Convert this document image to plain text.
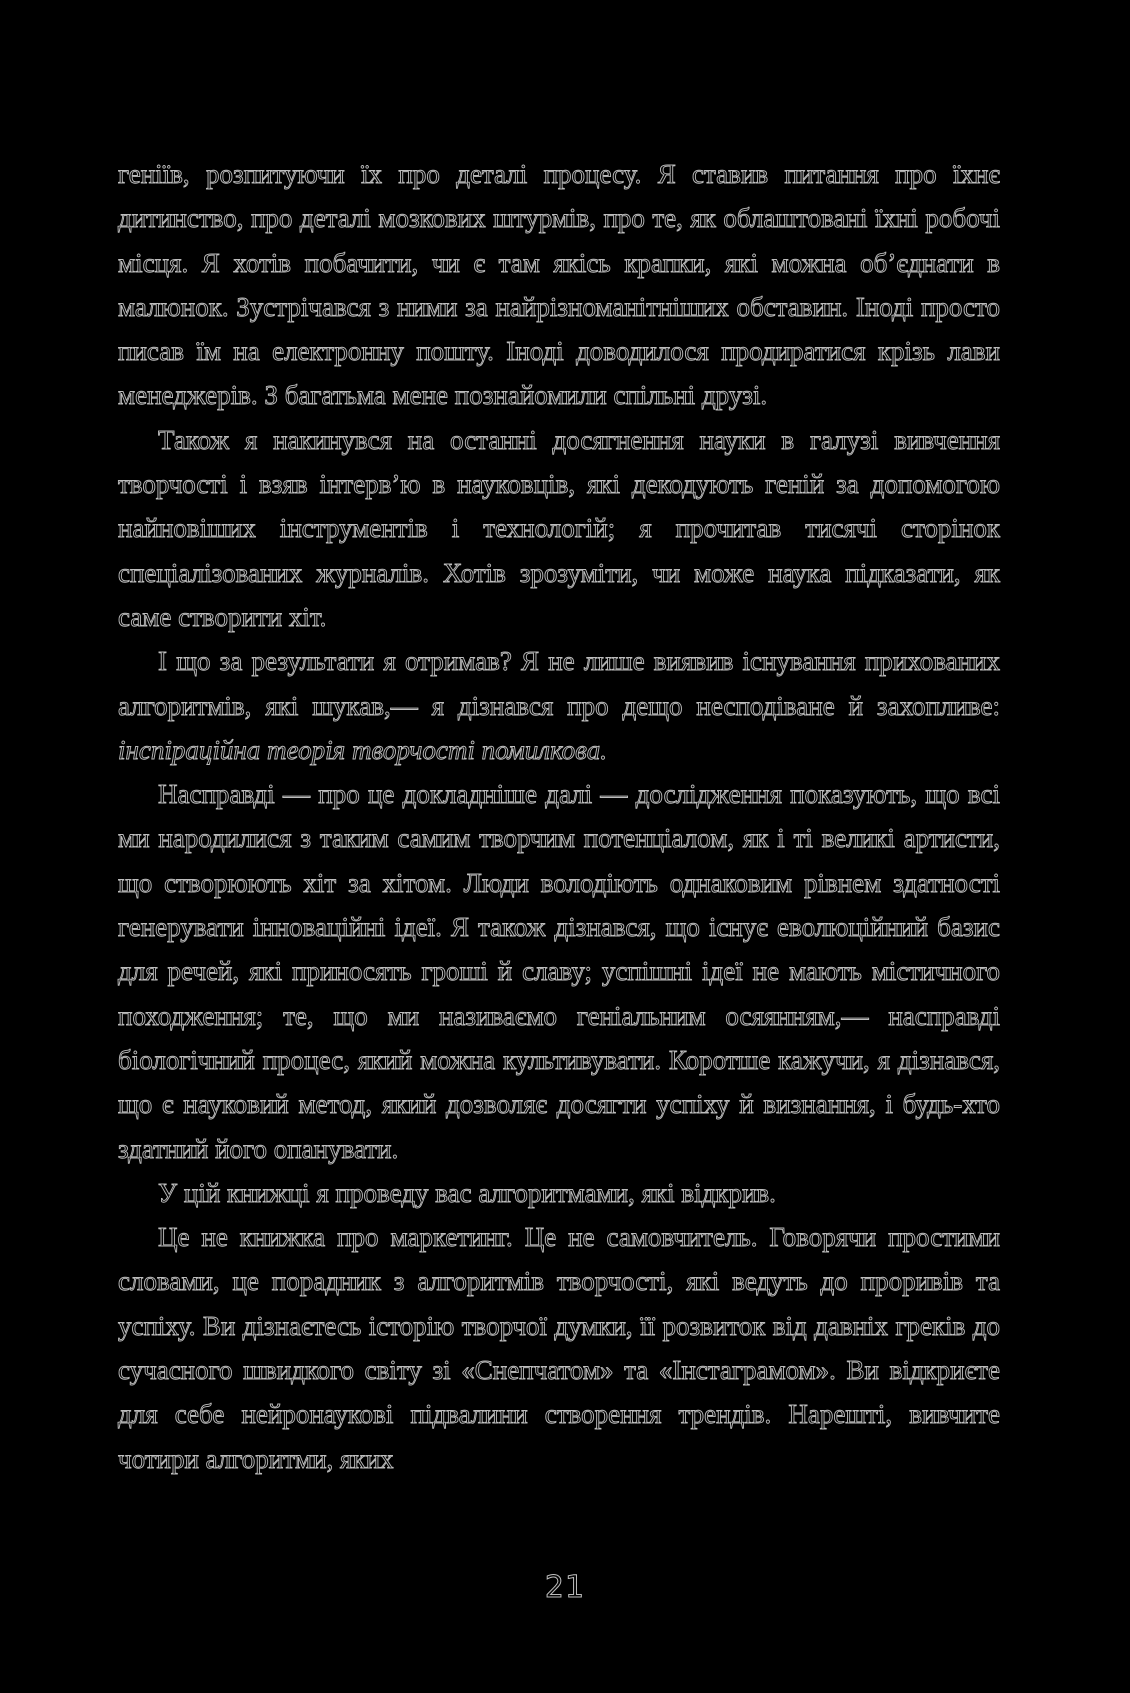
геніїв, розпитуючи їх про деталі процесу. Я ставив питання про їхнє дитинство, про деталі мозкових штурмів, про те, як облаштовані їхні робочі місця. Я хотів побачити, чи є там якісь крапки, які можна об’єднати в малюнок. Зустрічався з ними за найрізноманітніших обставин. Іноді просто писав їм на електронну пошту. Іноді доводилося продиратися крізь лави менеджерів. З багатьма мене познайомили спільні друзі.

Також я накинувся на останні досягнення науки в галузі вивчення творчості і взяв інтерв’ю в науковців, які декодують геній за допомогою найновіших інструментів і технологій; я прочитав тисячі сторінок спеціалізованих журналів. Хотів зрозуміти, чи може наука підказати, як саме створити хіт.

І що за результати я отримав? Я не лише виявив існування прихованих алгоритмів, які шукав,— я дізнався про дещо несподіване й захопливе: інспіраційна теорія творчості помилкова.

Насправді — про це докладніше далі — дослідження показують, що всі ми народилися з таким самим творчим потенціалом, як і ті великі артисти, що створюють хіт за хітом. Люди володіють однаковим рівнем здатності генерувати інноваційні ідеї. Я також дізнався, що існує еволюційний базис для речей, які приносять гроші й славу; успішні ідеї не мають містичного походження; те, що ми називаємо геніальним осяянням,— насправді біологічний процес, який можна культивувати. Коротше кажучи, я дізнався, що є науковий метод, який дозволяє досягти успіху й визнання, і будь-хто здатний його опанувати.

У цій книжці я проведу вас алгоритмами, які відкрив.

Це не книжка про маркетинг. Це не самовчитель. Говорячи простими словами, це порадник з алгоритмів творчості, які ведуть до проривів та успіху. Ви дізнаєтесь історію творчої думки, її розвиток від давніх греків до сучасного швидкого світу зі «Снепчатом» та «Інстаграмом». Ви відкриєте для себе нейронаукові підвалини створення трендів. Нарешті, вивчите чотири алгоритми, яких

21
